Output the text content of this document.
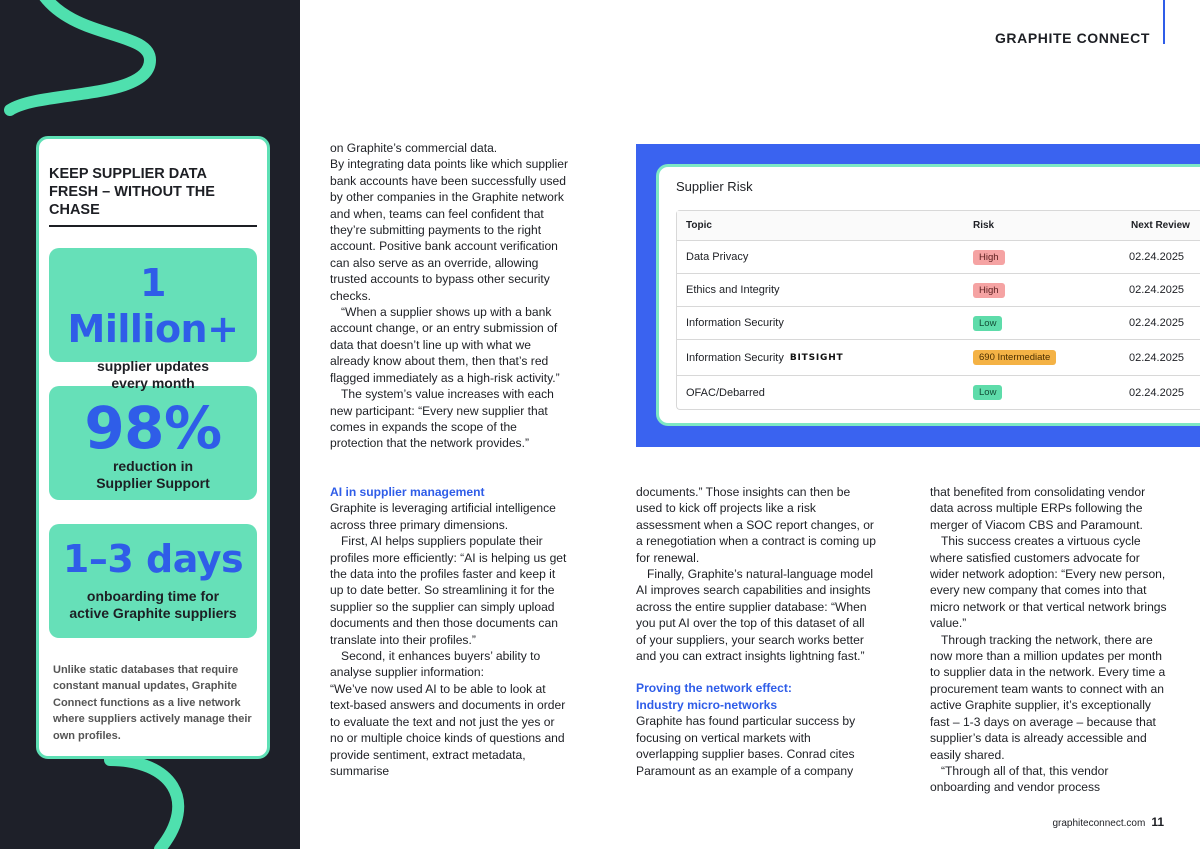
KEEP SUPPLIER DATA FRESH – WITHOUT THE CHASE
1 Million+
supplier updates
every month
98%
reduction in
Supplier Support
1–3 days
onboarding time for
active Graphite suppliers
Unlike static databases that require constant manual updates, Graphite Connect functions as a live network where suppliers actively manage their own profiles.
GRAPHITE CONNECT

on Graphite’s commercial data.

By integrating data points like which supplier bank accounts have been successfully used by other companies in the Graphite network and when, teams can feel confident that they’re submitting payments to the right account. Positive bank account verification can also serve as an override, allowing trusted accounts to bypass other security checks.

“When a supplier shows up with a bank account change, or an entry submission of data that doesn’t line up with what we already know about them, then that’s red flagged immediately as a high-risk activity.”

The system’s value increases with each new participant: “Every new supplier that comes in expands the scope of the protection that the network provides.”

AI in supplier management

Graphite is leveraging artificial intelligence across three primary dimensions.

First, AI helps suppliers populate their profiles more efficiently: “AI is helping us get the data into the profiles faster and keep it up to date better. So streamlining it for the supplier so the supplier can simply upload documents and then those documents can translate into their profiles.”

Second, it enhances buyers’ ability to analyse supplier information:

“We’ve now used AI to be able to look at text-based answers and documents in order to evaluate the text and not just the yes or no or multiple choice kinds of questions and provide sentiment, extract metadata, summarise

Supplier Risk
Topic	Risk	Next Review
Data Privacy	High	02.24.2025
Ethics and Integrity	High	02.24.2025
Information Security	Low	02.24.2025
Information Security BITSIGHT	690 Intermediate	02.24.2025
OFAC/Debarred	Low	02.24.2025

documents.” Those insights can then be used to kick off projects like a risk assessment when a SOC report changes, or a renegotiation when a contract is coming up for renewal.

Finally, Graphite’s natural-language model AI improves search capabilities and insights across the entire supplier database: “When you put AI over the top of this dataset of all of your suppliers, your search works better and you can extract insights lightning fast.”

Proving the network effect:
Industry micro-networks

Graphite has found particular success by focusing on vertical markets with overlapping supplier bases. Conrad cites Paramount as an example of a company

that benefited from consolidating vendor data across multiple ERPs following the merger of Viacom CBS and Paramount.

This success creates a virtuous cycle where satisfied customers advocate for wider network adoption: “Every new person, every new company that comes into that micro network or that vertical network brings value.”

Through tracking the network, there are now more than a million updates per month to supplier data in the network. Every time a procurement team wants to connect with an active Graphite supplier, it’s exceptionally fast – 1-3 days on average – because that supplier’s data is already accessible and easily shared.

“Through all of that, this vendor onboarding and vendor process

graphiteconnect.com 11
